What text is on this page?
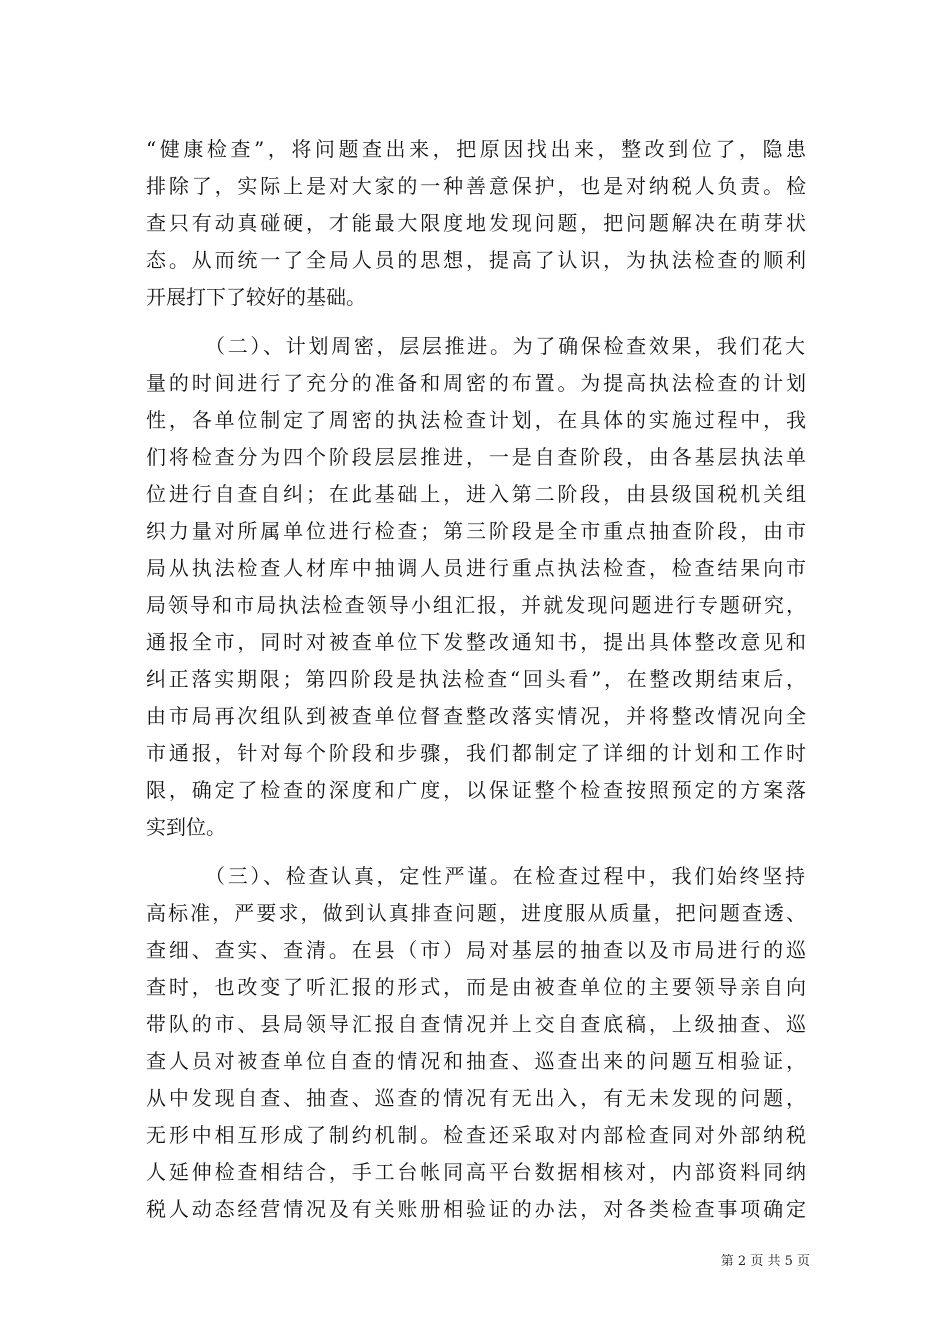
“健康检查”，将问题查出来，把原因找出来，整改到位了，隐患
排除了，实际上是对大家的一种善意保护，也是对纳税人负责。检
查只有动真碰硬，才能最大限度地发现问题，把问题解决在萌芽状
态。从而统一了全局人员的思想，提高了认识，为执法检查的顺利
开展打下了较好的基础。
（二）、计划周密，层层推进。为了确保检查效果，我们花大
量的时间进行了充分的准备和周密的布置。为提高执法检查的计划
性，各单位制定了周密的执法检查计划，在具体的实施过程中，我
们将检查分为四个阶段层层推进，一是自查阶段，由各基层执法单
位进行自查自纠；在此基础上，进入第二阶段，由县级国税机关组
织力量对所属单位进行检查；第三阶段是全市重点抽查阶段，由市
局从执法检查人材库中抽调人员进行重点执法检查，检查结果向市
局领导和市局执法检查领导小组汇报，并就发现问题进行专题研究，
通报全市，同时对被查单位下发整改通知书，提出具体整改意见和
纠正落实期限；第四阶段是执法检查“回头看”，在整改期结束后，
由市局再次组队到被查单位督查整改落实情况，并将整改情况向全
市通报，针对每个阶段和步骤，我们都制定了详细的计划和工作时
限，确定了检查的深度和广度，以保证整个检查按照预定的方案落
实到位。
（三）、检查认真，定性严谨。在检查过程中，我们始终坚持
高标准，严要求，做到认真排查问题，进度服从质量，把问题查透、
查细、查实、查清。在县（市）局对基层的抽查以及市局进行的巡
查时，也改变了听汇报的形式，而是由被查单位的主要领导亲自向
带队的市、县局领导汇报自查情况并上交自查底稿，上级抽查、巡
查人员对被查单位自查的情况和抽查、巡查出来的问题互相验证，
从中发现自查、抽查、巡查的情况有无出入，有无未发现的问题，
无形中相互形成了制约机制。检查还采取对内部检查同对外部纳税
人延伸检查相结合，手工台帐同高平台数据相核对，内部资料同纳
税人动态经营情况及有关账册相验证的办法，对各类检查事项确定
第 2 页 共 5 页
